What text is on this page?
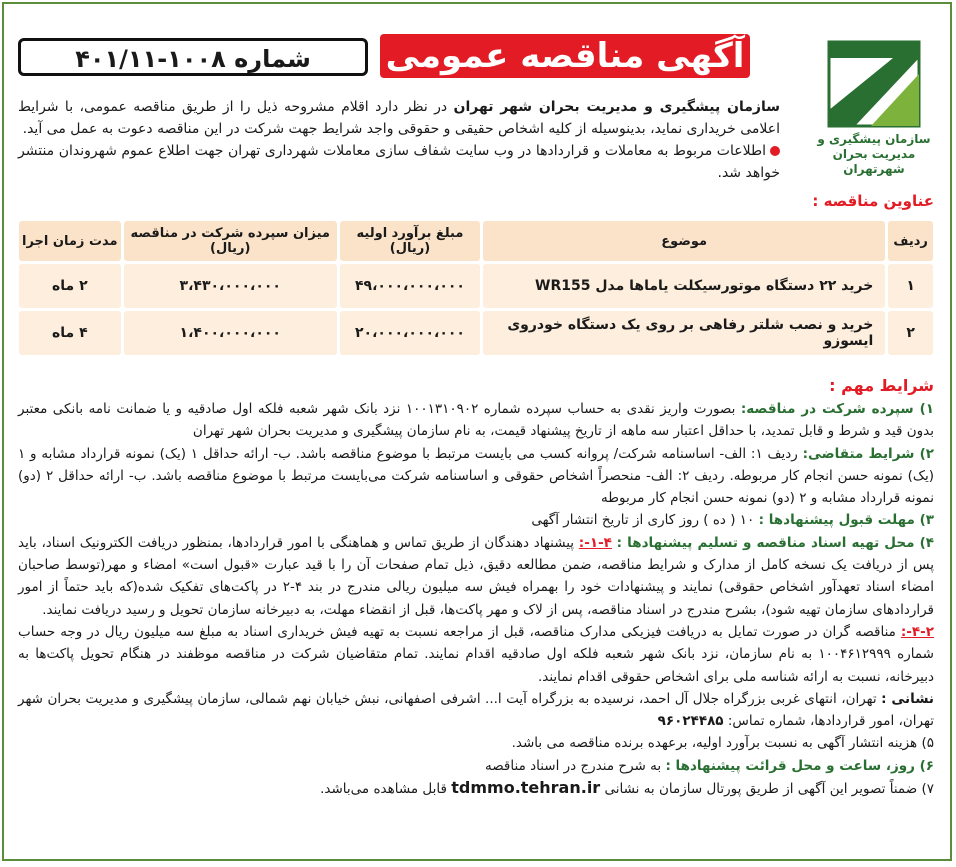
آگهی مناقصه عمومی
شماره ۱۰۰۸-۴۰۱/۱۱
سازمان پیشگیری و
مدیریت بحران شهرتهران
سازمان پیشگیری و مدیریت بحران شهر تهران در نظر دارد اقلام مشروحه ذیل را از طریق مناقصه عمومی، با شرایط اعلامی خریداری نماید، بدینوسیله از کلیه اشخاص حقیقی و حقوقی واجد شرایط جهت شرکت در این مناقصه دعوت به عمل می آید.
اطلاعات مربوط به معاملات و قراردادها در وب سایت شفاف سازی معاملات شهرداری تهران جهت اطلاع عموم شهروندان منتشر خواهد شد.
عناوین مناقصه :
ردیف	موضوع	مبلغ برآورد اولیه (ریال)	میزان سپرده شرکت در مناقصه (ریال)	مدت زمان اجرا
۱	خرید ۲۲ دستگاه موتورسیکلت یاماها مدل WR155	۴۹،۰۰۰،۰۰۰،۰۰۰	۳،۴۳۰،۰۰۰،۰۰۰	۲ ماه
۲	خرید و نصب شلتر رفاهی بر روی یک دستگاه خودروی ایسوزو	۲۰،۰۰۰،۰۰۰،۰۰۰	۱،۴۰۰،۰۰۰،۰۰۰	۴ ماه
شرایط مهم :

۱) سپرده شرکت در مناقصه: بصورت واریز نقدی به حساب سپرده شماره ۱۰۰۱۳۱۰۹۰۲ نزد بانک شهر شعبه فلکه اول صادقیه و یا ضمانت نامه بانکی معتبر بدون قید و شرط و قابل تمدید، با حداقل اعتبار سه ماهه از تاریخ پیشنهاد قیمت، به نام سازمان پیشگیری و مدیریت بحران شهر تهران

۲) شرایط متقاضی: ردیف ۱: الف- اساسنامه شرکت/ پروانه کسب می بایست مرتبط با موضوع مناقصه باشد. ب- ارائه حداقل ۱ (یک) نمونه قرارداد مشابه و ۱ (یک) نمونه حسن انجام کار مربوطه. ردیف ۲: الف- منحصراً اشخاص حقوقی و اساسنامه شرکت می‌بایست مرتبط با موضوع مناقصه باشد. ب- ارائه حداقل ۲ (دو) نمونه قرارداد مشابه و ۲ (دو) نمونه حسن انجام کار مربوطه

۳) مهلت قبول پیشنهادها : ۱۰ ( ده ) روز کاری از تاریخ انتشار آگهی

۴) محل تهیه اسناد مناقصه و تسلیم پیشنهادها : ۴-۱-: پیشنهاد دهندگان از طریق تماس و هماهنگی با امور قراردادها، بمنظور دریافت الکترونیک اسناد، باید پس از دریافت یک نسخه کامل از مدارک و شرایط مناقصه، ضمن مطالعه دقیق، ذیل تمام صفحات آن را با قید عبارت «قبول است» امضاء و مهر(توسط صاحبان امضاء اسناد تعهدآور اشخاص حقوقی) نمایند و پیشنهادات خود را بهمراه فیش سه میلیون ریالی مندرج در بند ۴-۲ در پاکت‌های تفکیک شده(که باید حتماً از امور قراردادهای سازمان تهیه شود)، بشرح مندرج در اسناد مناقصه، پس از لاک و مهر پاکت‌ها، قبل از انقضاء مهلت، به دبیرخانه سازمان تحویل و رسید دریافت نمایند.

۴-۲-: مناقصه گران در صورت تمایل به دریافت فیزیکی مدارک مناقصه، قبل از مراجعه نسبت به تهیه فیش خریداری اسناد به مبلغ سه میلیون ریال در وجه حساب شماره ۱۰۰۴۶۱۲۹۹۹ به نام سازمان، نزد بانک شهر شعبه فلکه اول صادقیه اقدام نمایند. تمام متقاضیان شرکت در مناقصه موظفند در هنگام تحویل پاکت‌ها به دبیرخانه، نسبت به ارائه شناسه ملی برای اشخاص حقوقی اقدام نمایند.

نشانی : تهران، انتهای غربی بزرگراه جلال آل احمد، نرسیده به بزرگراه آیت ا... اشرفی اصفهانی، نبش خیابان نهم شمالی، سازمان پیشگیری و مدیریت بحران شهر تهران، امور قراردادها، شماره تماس: ۹۶۰۲۴۴۸۵

۵) هزینه انتشار آگهی به نسبت برآورد اولیه، برعهده برنده مناقصه می باشد.

۶) روز، ساعت و محل قرائت پیشنهادها : به شرح مندرج در اسناد مناقصه

۷) ضمناً تصویر این آگهی از طریق پورتال سازمان به نشانی tdmmo.tehran.ir قابل مشاهده می‌باشد.
